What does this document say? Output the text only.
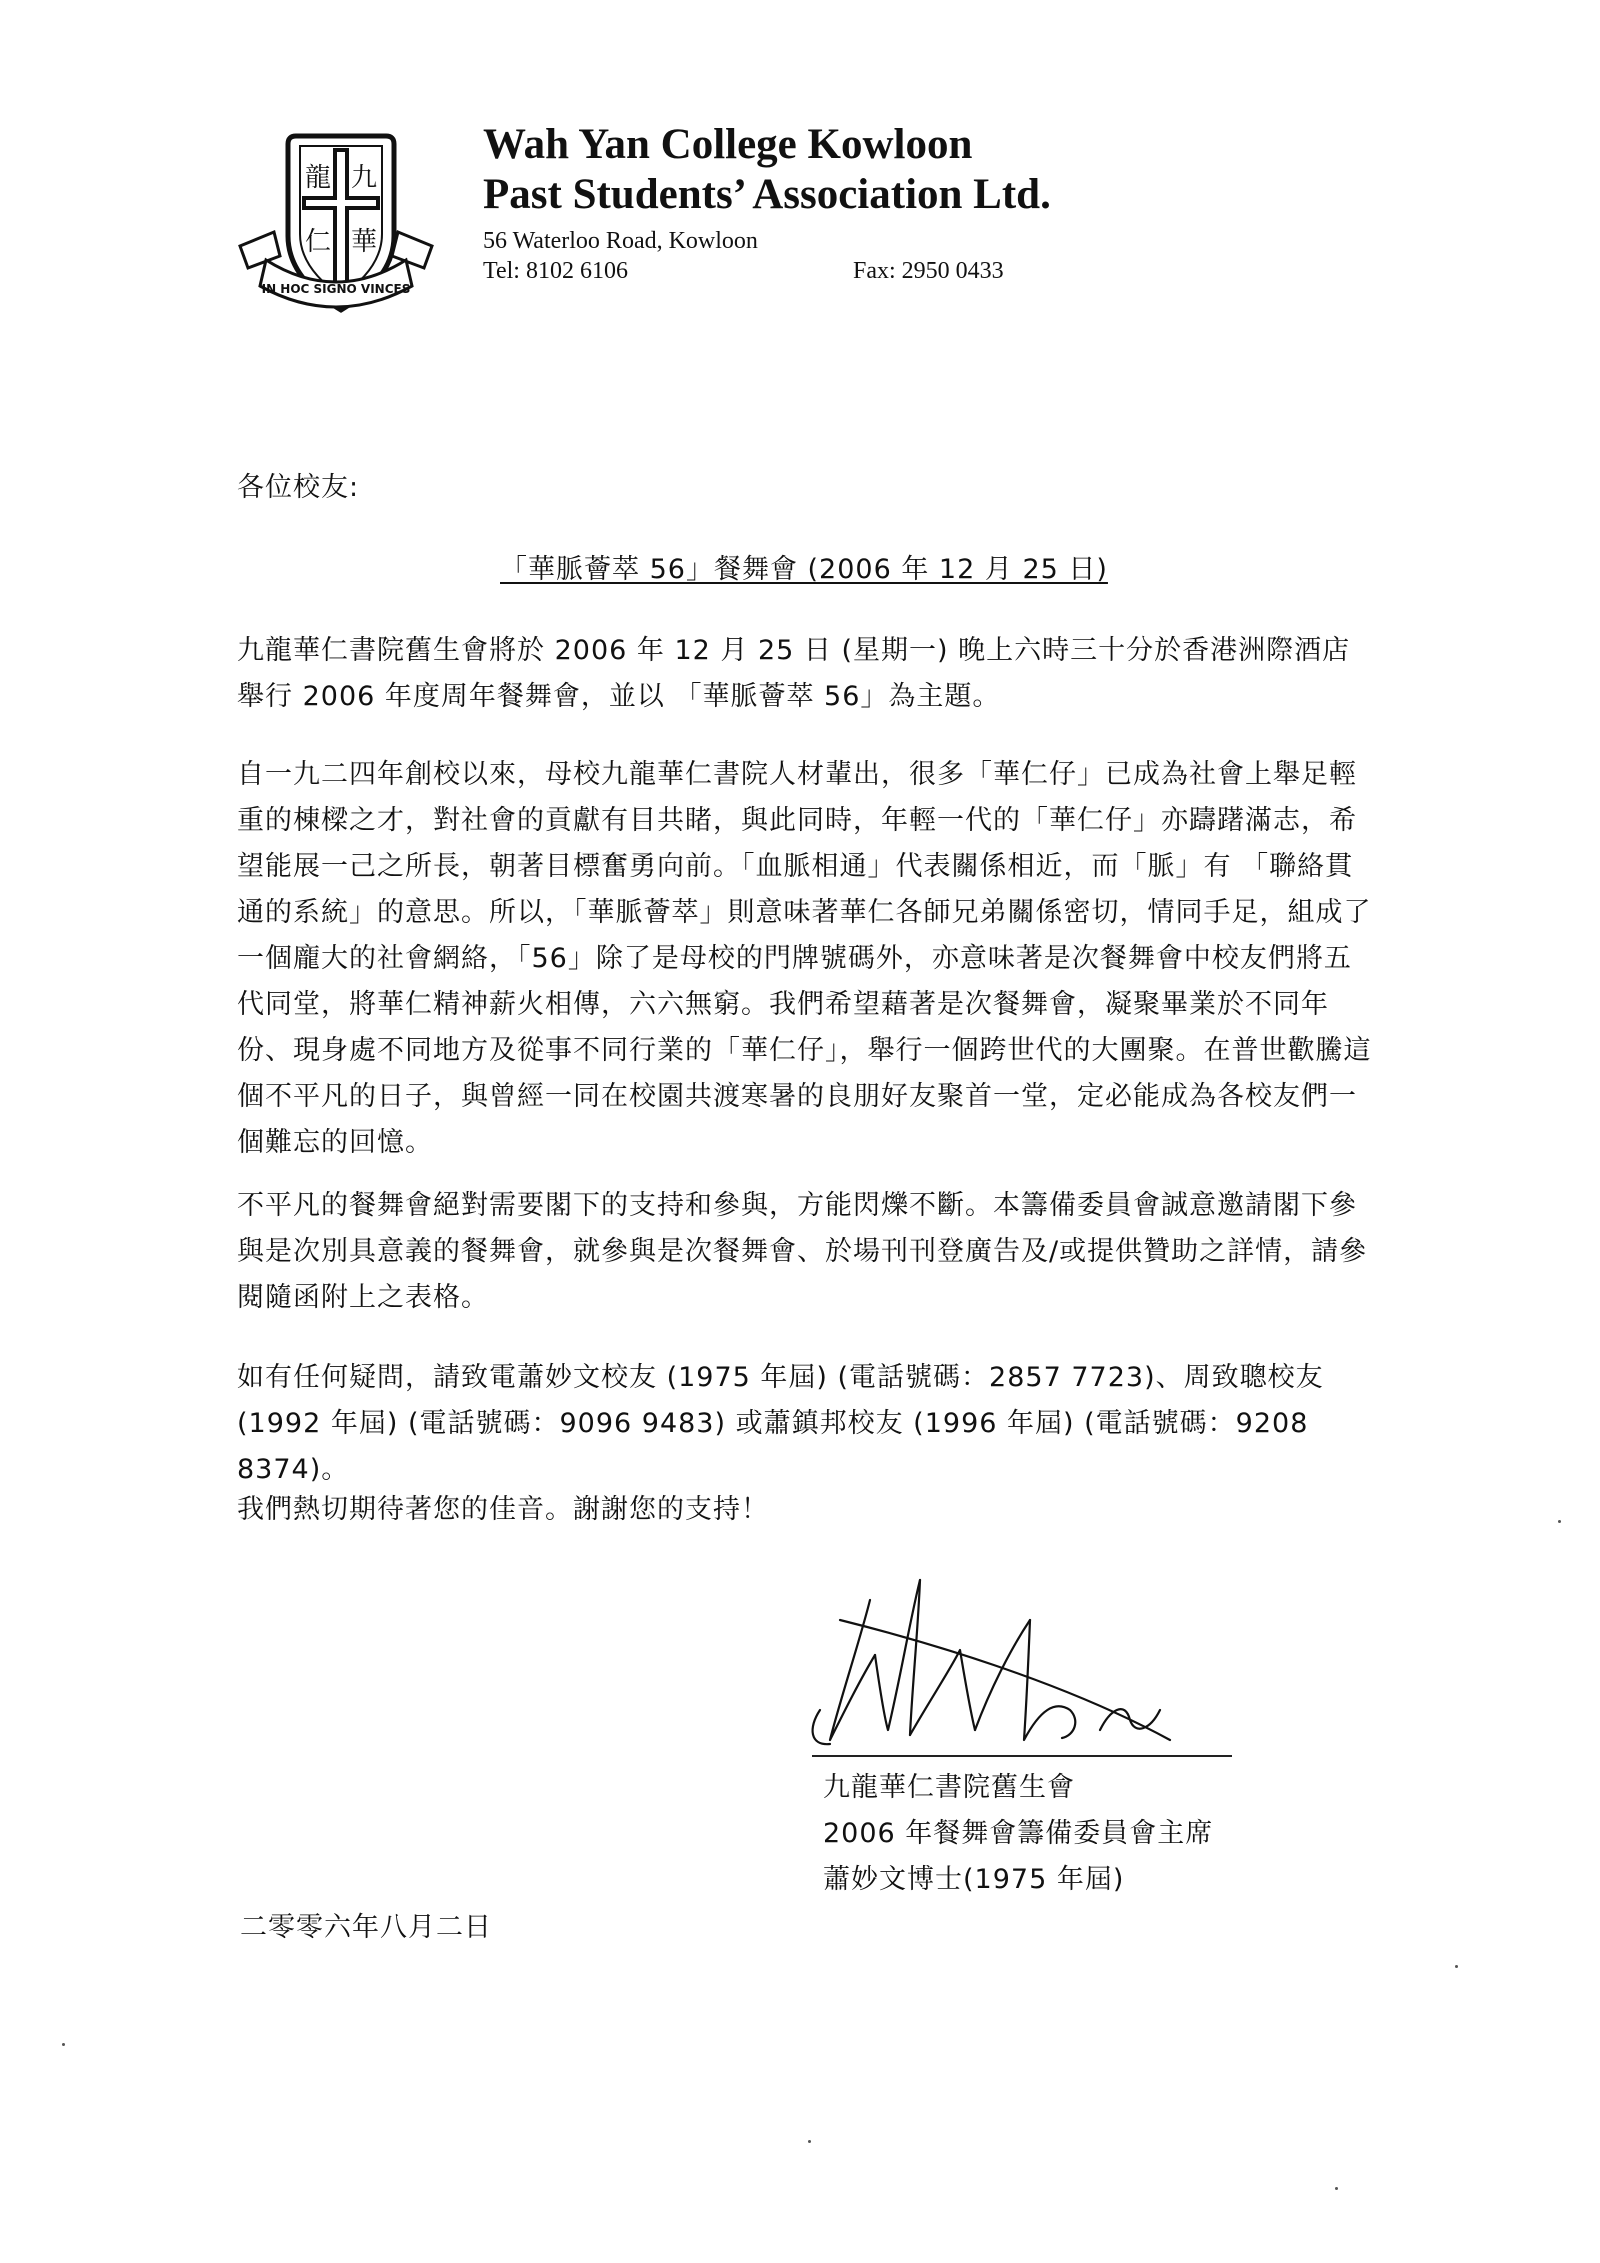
龍 九
仁 華
IN HOC SIGNO VINCES
Wah Yan College Kowloon
Past Students’ Association Ltd.
56 Waterloo Road, Kowloon
Tel: 8102 6106	Fax: 2950 0433
各位校友:
「華脈薈萃 56」餐舞會 (2006 年 12 月 25 日)

九龍華仁書院舊生會將於 2006 年 12 月 25 日 (星期一) 晚上六時三十分於香港洲際酒店舉行 2006 年度周年餐舞會，並以 「華脈薈萃 56」為主題。

自一九二四年創校以來，母校九龍華仁書院人材輩出，很多「華仁仔」已成為社會上舉足輕重的棟樑之才，對社會的貢獻有目共睹，與此同時，年輕一代的「華仁仔」亦躊躇滿志，希望能展一己之所長，朝著目標奮勇向前。「血脈相通」代表關係相近，而「脈」有 「聯絡貫通的系統」的意思。所以，「華脈薈萃」則意味著華仁各師兄弟關係密切，情同手足，組成了一個龐大的社會網絡，「56」除了是母校的門牌號碼外，亦意味著是次餐舞會中校友們將五代同堂，將華仁精神薪火相傳，六六無窮。我們希望藉著是次餐舞會，凝聚畢業於不同年份、現身處不同地方及從事不同行業的「華仁仔」，舉行一個跨世代的大團聚。在普世歡騰這個不平凡的日子，與曾經一同在校園共渡寒暑的良朋好友聚首一堂，定必能成為各校友們一個難忘的回憶。

不平凡的餐舞會絕對需要閣下的支持和參與，方能閃爍不斷。本籌備委員會誠意邀請閣下參與是次別具意義的餐舞會，就參與是次餐舞會、於場刊刊登廣告及/或提供贊助之詳情，請參閱隨函附上之表格。

如有任何疑問，請致電蕭妙文校友 (1975 年屆) (電話號碼：2857 7723)、周致聰校友 (1992 年屆) (電話號碼：9096 9483) 或蕭鎮邦校友 (1996 年屆) (電話號碼：9208 8374)。

我們熱切期待著您的佳音。謝謝您的支持！

九龍華仁書院舊生會
2006 年餐舞會籌備委員會主席
蕭妙文博士(1975 年屆)
二零零六年八月二日
